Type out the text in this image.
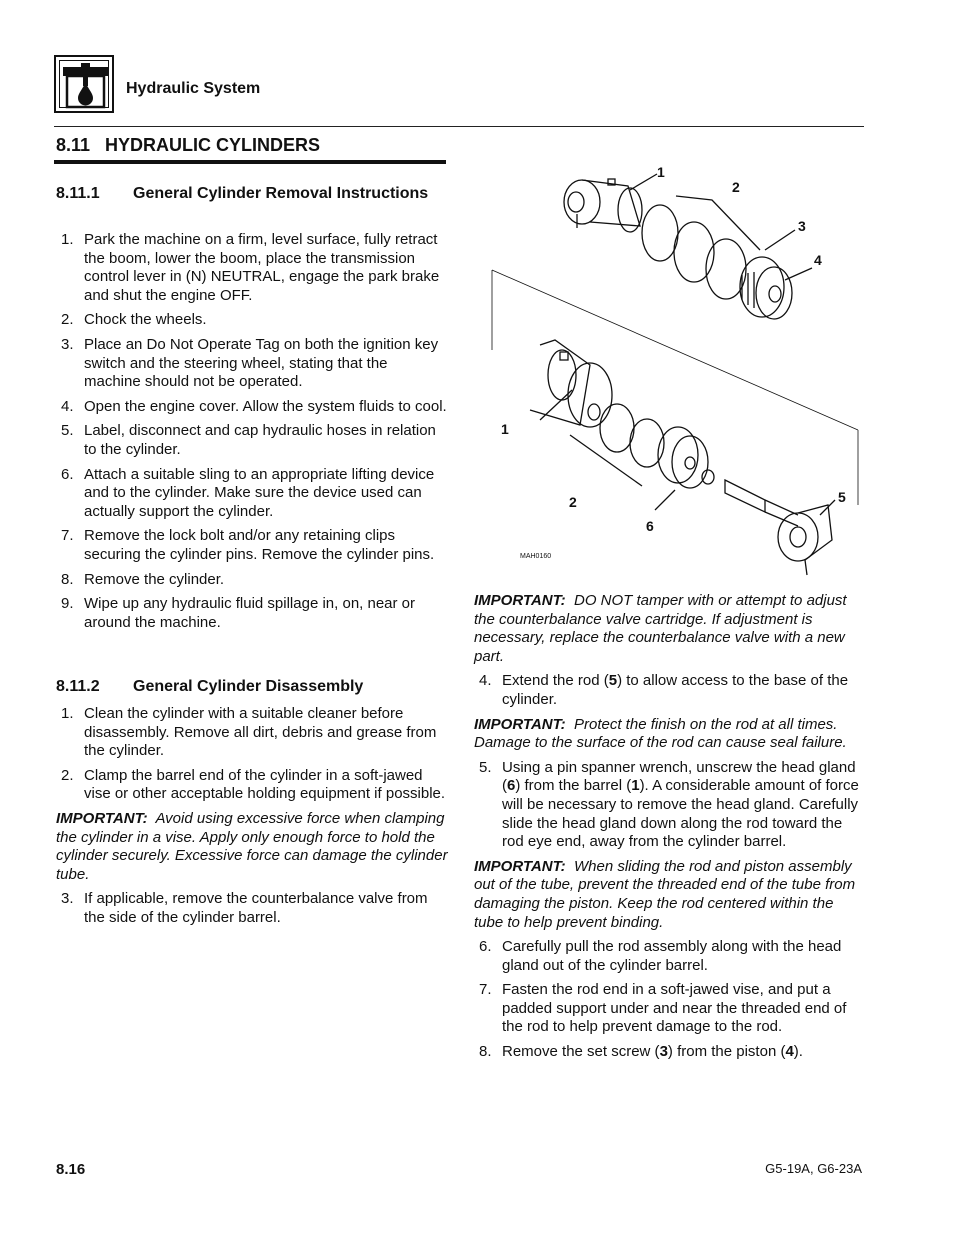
Hydraulic System
8.11   HYDRAULIC CYLINDERS
8.11.1 General Cylinder Removal Instructions
1. Park the machine on a firm, level surface, fully retract the boom, lower the boom, place the transmission control lever in (N) NEUTRAL, engage the park brake and shut the engine OFF.
2. Chock the wheels.
3. Place an Do Not Operate Tag on both the ignition key switch and the steering wheel, stating that the machine should not be operated.
4. Open the engine cover. Allow the system fluids to cool.
5. Label, disconnect and cap hydraulic hoses in relation to the cylinder.
6. Attach a suitable sling to an appropriate lifting device and to the cylinder. Make sure the device used can actually support the cylinder.
7. Remove the lock bolt and/or any retaining clips securing the cylinder pins. Remove the cylinder pins.
8. Remove the cylinder.
9. Wipe up any hydraulic fluid spillage in, on, near or around the machine.
8.11.2 General Cylinder Disassembly
1. Clean the cylinder with a suitable cleaner before disassembly. Remove all dirt, debris and grease from the cylinder.
2. Clamp the barrel end of the cylinder in a soft-jawed vise or other acceptable holding equipment if possible.

IMPORTANT: Avoid using excessive force when clamping the cylinder in a vise. Apply only enough force to hold the cylinder securely. Excessive force can damage the cylinder tube.

3. If applicable, remove the counterbalance valve from the side of the cylinder barrel.
1
2
3
4
1
2
6
5
MAH0160

IMPORTANT: DO NOT tamper with or attempt to adjust the counterbalance valve cartridge. If adjustment is necessary, replace the counterbalance valve with a new part.

4. Extend the rod (5) to allow access to the base of the cylinder.

IMPORTANT: Protect the finish on the rod at all times. Damage to the surface of the rod can cause seal failure.

5. Using a pin spanner wrench, unscrew the head gland (6) from the barrel (1). A considerable amount of force will be necessary to remove the head gland. Carefully slide the head gland down along the rod toward the rod eye end, away from the cylinder barrel.

IMPORTANT: When sliding the rod and piston assembly out of the tube, prevent the threaded end of the tube from damaging the piston. Keep the rod centered within the tube to help prevent binding.

6. Carefully pull the rod assembly along with the head gland out of the cylinder barrel.
7. Fasten the rod end in a soft-jawed vise, and put a padded support under and near the threaded end of the rod to help prevent damage to the rod.
8. Remove the set screw (3) from the piston (4).
8.16	G5-19A, G6-23A
